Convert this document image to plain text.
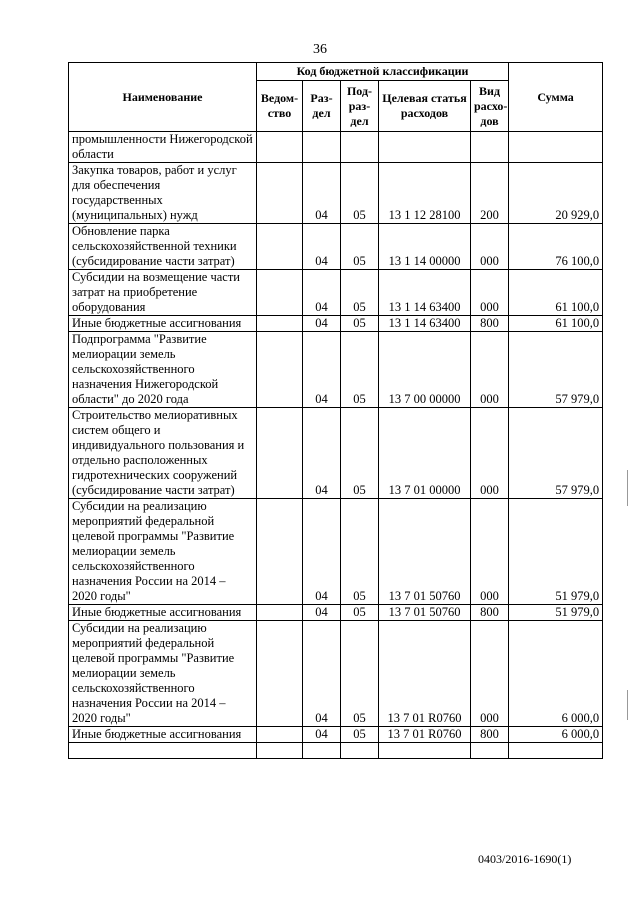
36
Наименование	Код бюджетной классификации					Сумма
	Ведом-ство	Раз-дел	Под-раз-дел	Целевая статья расходов	Вид расхо-дов	
промышленности Нижегородской области						
Закупка товаров, работ и услуг для обеспечения государственных (муниципальных) нужд		04	05	13 1 12 28100	200	20 929,0
Обновление парка сельскохозяйственной техники (субсидирование части затрат)		04	05	13 1 14 00000	000	76 100,0
Субсидии на возмещение части затрат на приобретение оборудования		04	05	13 1 14 63400	000	61 100,0
Иные бюджетные ассигнования		04	05	13 1 14 63400	800	61 100,0
Подпрограмма "Развитие мелиорации земель сельскохозяйственного назначения Нижегородской области" до 2020 года		04	05	13 7 00 00000	000	57 979,0
Строительство мелиоративных систем общего и индивидуального пользования и отдельно расположенных гидротехнических сооружений (субсидирование части затрат)		04	05	13 7 01 00000	000	57 979,0
Субсидии на реализацию мероприятий федеральной целевой программы "Развитие мелиорации земель сельскохозяйственного назначения России на 2014 – 2020 годы"		04	05	13 7 01 50760	000	51 979,0
Иные бюджетные ассигнования		04	05	13 7 01 50760	800	51 979,0
Субсидии на реализацию мероприятий федеральной целевой программы "Развитие мелиорации земель сельскохозяйственного назначения России на 2014 – 2020 годы"		04	05	13 7 01 R0760	000	6 000,0
Иные бюджетные ассигнования		04	05	13 7 01 R0760	800	6 000,0

0403/2016-1690(1)
